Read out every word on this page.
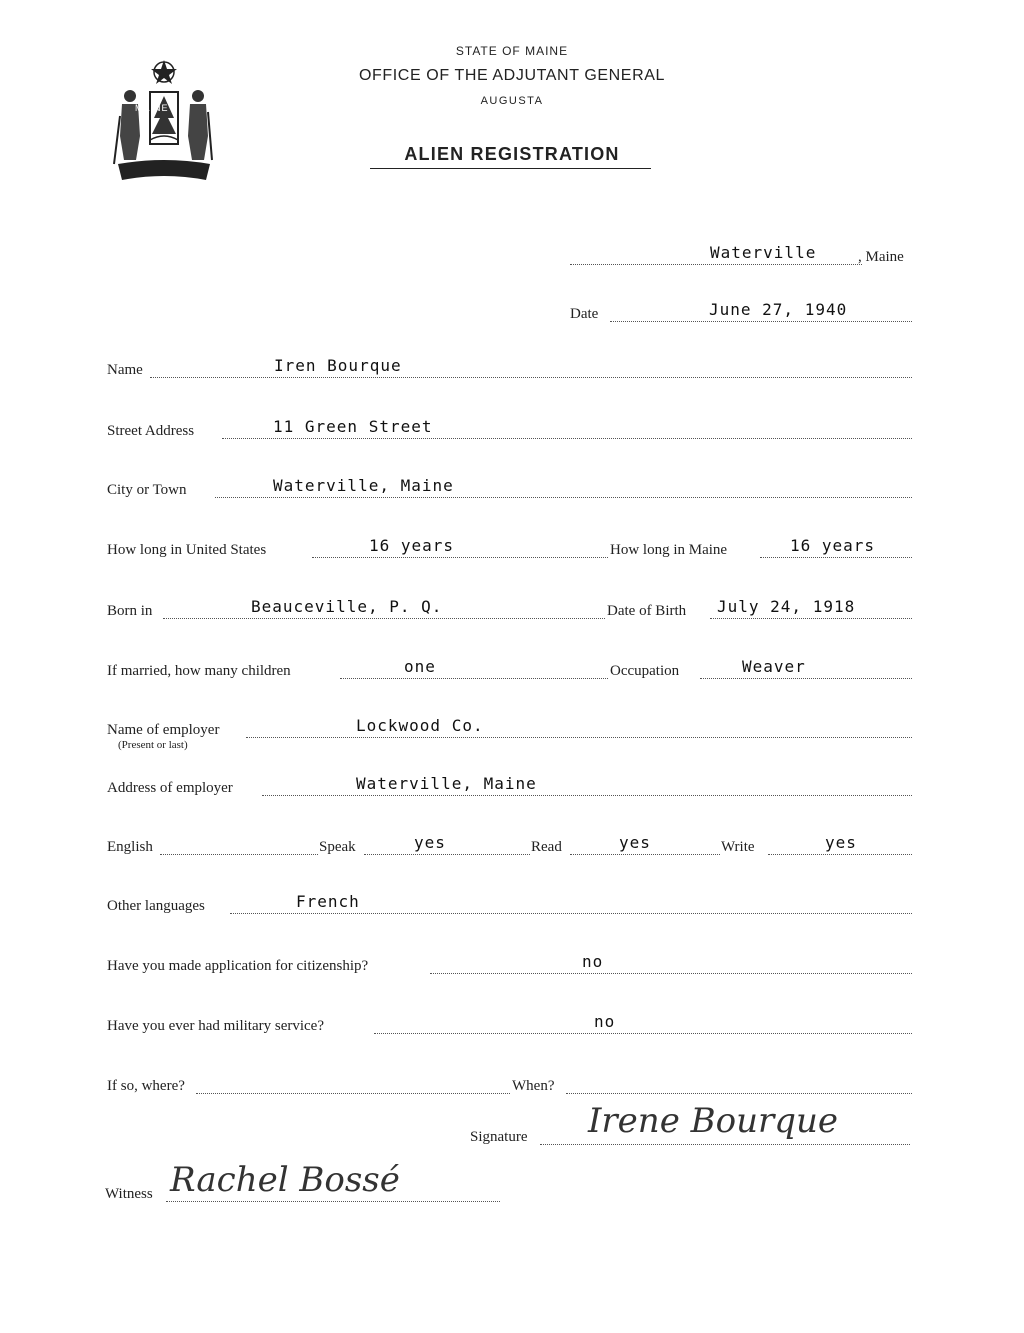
MAINE
STATE OF MAINE
OFFICE OF THE ADJUTANT GENERAL
AUGUSTA
ALIEN REGISTRATION
Waterville	, Maine
Date	June 27, 1940
Name	Iren Bourque
Street Address	11 Green Street
City or Town	Waterville, Maine
How long in United States	16 years	How long in Maine	16 years
Born in	Beauceville, P. Q.	Date of Birth July 24, 1918
If married, how many children	one	Occupation	Weaver
Name of employer
(Present or last)
Lockwood Co.
Address of employer	Waterville, Maine
English	Speak	yes	Read	yes	Write	yes
Other languages	French
Have you made application for citizenship?	no
Have you ever had military service?	no
If so, where?	When?
Signature Irene Bourque
Witness Rachel Bossé
